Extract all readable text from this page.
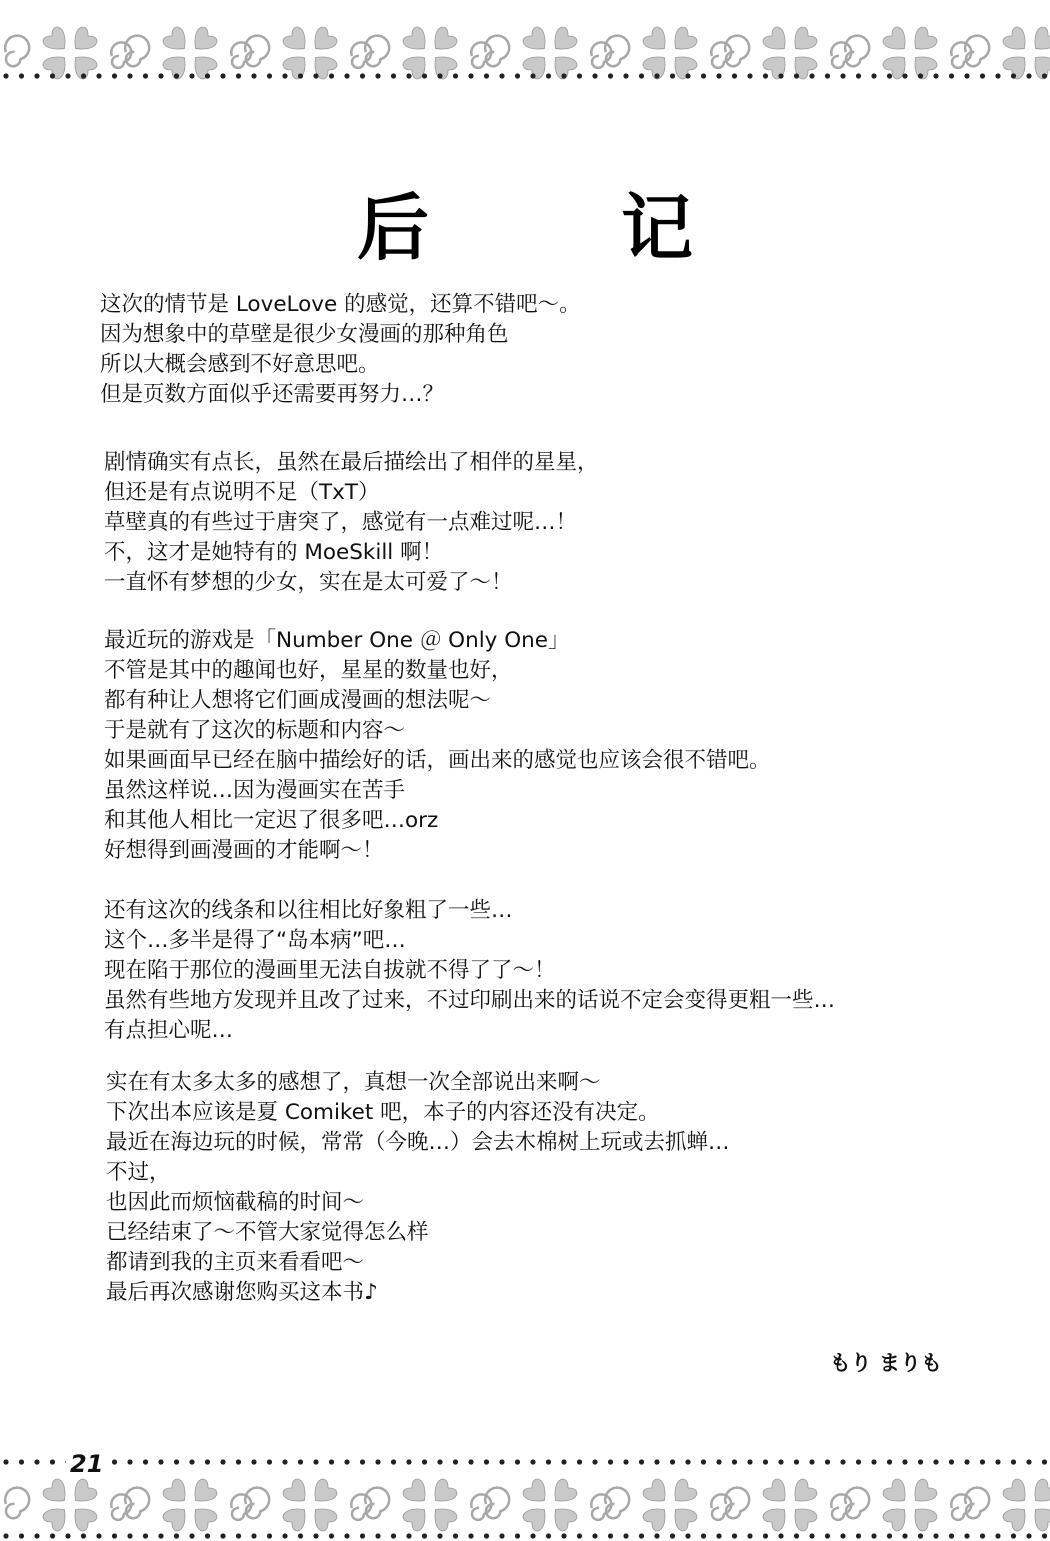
后　记
这次的情节是 LoveLove 的感觉，还算不错吧～。
因为想象中的草壁是很少女漫画的那种角色
所以大概会感到不好意思吧。
但是页数方面似乎还需要再努力…？
剧情确实有点长，虽然在最后描绘出了相伴的星星，
但还是有点说明不足（TxT）
草壁真的有些过于唐突了，感觉有一点难过呢…！
不，这才是她特有的 MoeSkill 啊！
一直怀有梦想的少女，实在是太可爱了～！
最近玩的游戏是「Number One ＠ Only One」
不管是其中的趣闻也好，星星的数量也好，
都有种让人想将它们画成漫画的想法呢～
于是就有了这次的标题和内容～
如果画面早已经在脑中描绘好的话，画出来的感觉也应该会很不错吧。
虽然这样说…因为漫画实在苦手
和其他人相比一定迟了很多吧…orz
好想得到画漫画的才能啊～！
还有这次的线条和以往相比好象粗了一些…
这个…多半是得了“岛本病”吧…
现在陷于那位的漫画里无法自拔就不得了了～！
虽然有些地方发现并且改了过来，不过印刷出来的话说不定会变得更粗一些…
有点担心呢…
实在有太多太多的感想了，真想一次全部说出来啊～
下次出本应该是夏 Comiket 吧，本子的内容还没有决定。
最近在海边玩的时候，常常（今晚…）会去木棉树上玩或去抓蝉…
不过，
也因此而烦恼截稿的时间～
已经结束了～不管大家觉得怎么样
都请到我的主页来看看吧～
最后再次感谢您购买这本书♪
もり まりも
21
